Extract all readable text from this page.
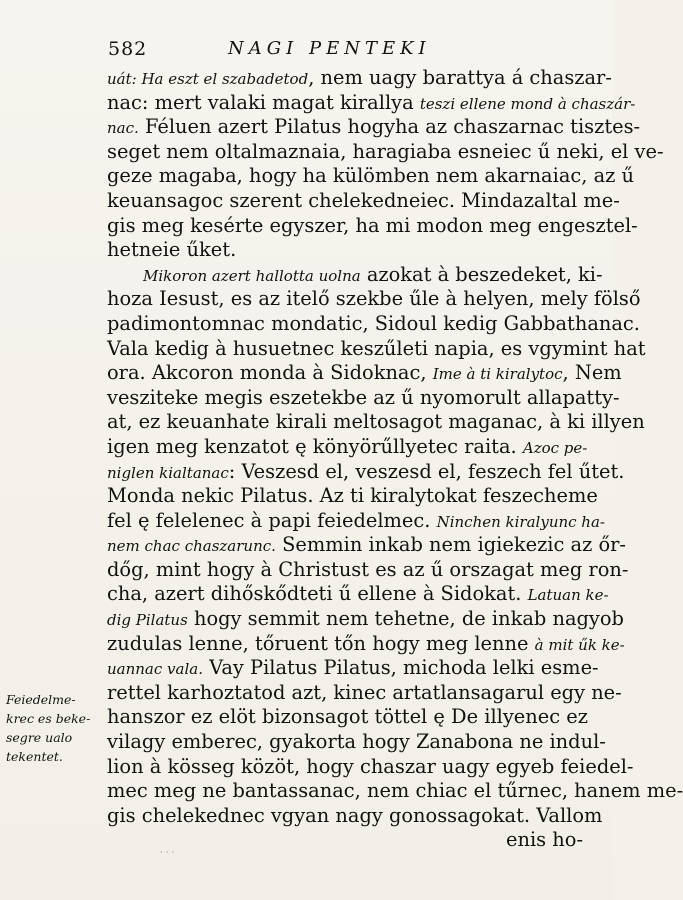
582	NAGI PENTEKI
uát: Ha eszt el szabadetod, nem uagy barattya á chaszar-
nac: mert valaki magat kirallya teszi ellene mond à chaszár-
nac. Féluen azert Pilatus hogyha az chaszarnac tisztes-
seget nem oltalmaznaia, haragiaba esneiec ű neki, el ve-
geze magaba, hogy ha külömben nem akarnaiac, az ű
keuansagoc szerent chelekedneiec. Mindazaltal me-
gis meg kesérte egyszer, ha mi modon meg engesztel-
hetneie űket.
Mikoron azert hallotta uolna azokat à beszedeket, ki-
hoza Iesust, es az itelő szekbe űle à helyen, mely fölső
padimontomnac mondatic, Sidoul kedig Gabbathanac.
Vala kedig à husuetnec keszűleti napia, es vgymint hat
ora. Akcoron monda à Sidoknac, Ime à ti kiralytoc, Nem
vesziteke megis eszetekbe az ű nyomorult allapatty-
at, ez keuanhate kirali meltosagot maganac, à ki illyen
igen meg kenzatot ę könyörűllyetec raita. Azoc pe-
niglen kialtanac: Veszesd el, veszesd el, feszech fel űtet.
Monda nekic Pilatus. Az ti kiralytokat feszecheme
fel ę felelenec à papi feiedelmec. Ninchen kiralyunc ha-
nem chac chaszarunc. Semmin inkab nem igiekezic az őr-
dőg, mint hogy à Christust es az ű orszagat meg ron-
cha, azert dihőskődteti ű ellene à Sidokat. Latuan ke-
dig Pilatus hogy semmit nem tehetne, de inkab nagyob
zudulas lenne, tőruent tőn hogy meg lenne à mit űk ke-
uannac vala. Vay Pilatus Pilatus, michoda lelki esme-
rettel karhoztatod azt, kinec artatlansagarul egy ne-
hanszor ez elöt bizonsagot töttel ę De illyenec ez
vilagy emberec, gyakorta hogy Zanabona ne indul-
lion à kösseg közöt, hogy chaszar uagy egyeb feiedel-
mec meg ne bantassanac, nem chiac el tűrnec, hanem me-
gis chelekednec vgyan nagy gonossagokat. Vallom
enis ho-
Feiedelme-
krec es beke-
segre ualo
tekentet.
· · ·
